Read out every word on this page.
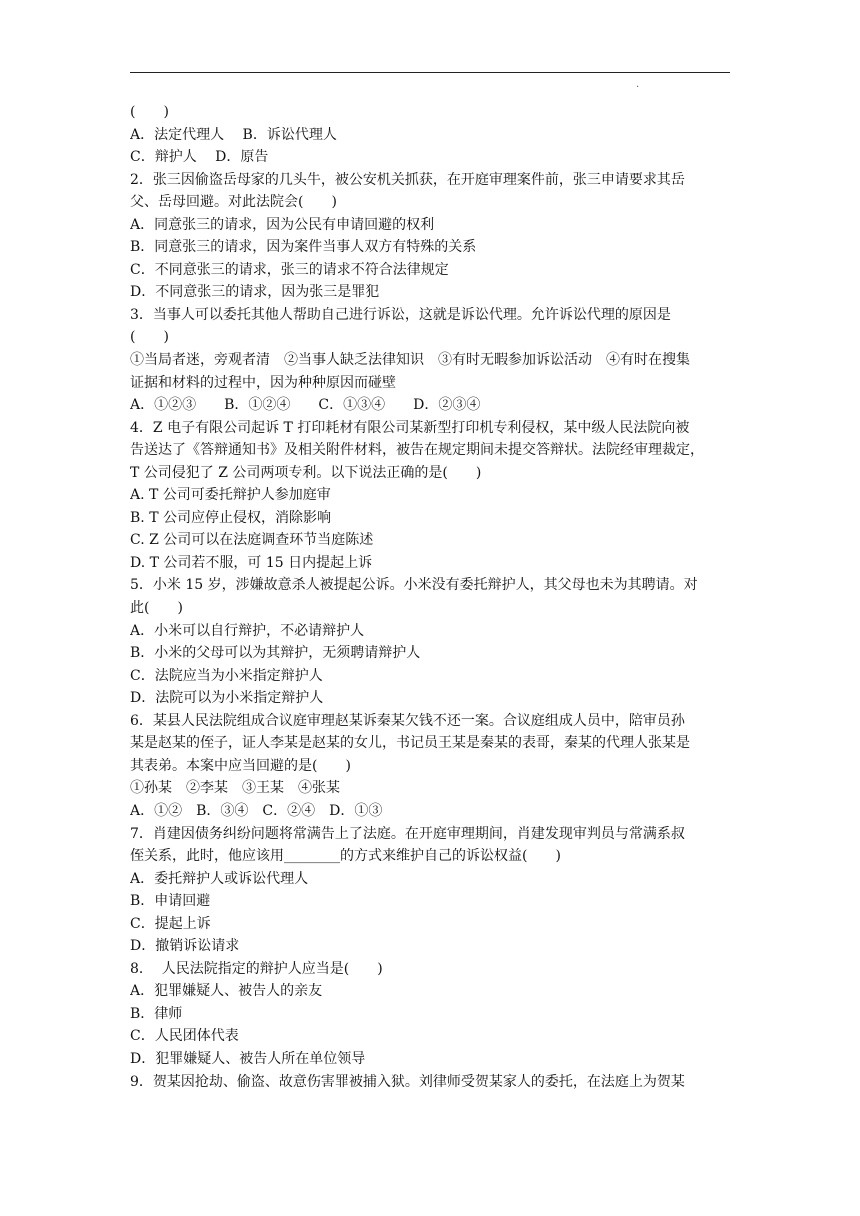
.
(　　)
A．法定代理人　 B．诉讼代理人
C．辩护人　 D．原告
2．张三因偷盗岳母家的几头牛，被公安机关抓获，在开庭审理案件前，张三申请要求其岳
父、岳母回避。对此法院会(　　)
A．同意张三的请求，因为公民有申请回避的权利
B．同意张三的请求，因为案件当事人双方有特殊的关系
C．不同意张三的请求，张三的请求不符合法律规定
D．不同意张三的请求，因为张三是罪犯
3．当事人可以委托其他人帮助自己进行诉讼，这就是诉讼代理。允许诉讼代理的原因是
(　　)
①当局者迷，旁观者清　②当事人缺乏法律知识　③有时无暇参加诉讼活动　④有时在搜集
证据和材料的过程中，因为种种原因而碰壁
A．①②③　　B．①②④　　C．①③④　　D．②③④
4．Z 电子有限公司起诉 T 打印耗材有限公司某新型打印机专利侵权，某中级人民法院向被
告送达了《答辩通知书》及相关附件材料，被告在规定期间未提交答辩状。法院经审理裁定，
T 公司侵犯了 Z 公司两项专利。以下说法正确的是(　　)
A. T 公司可委托辩护人参加庭审
B. T 公司应停止侵权，消除影响
C. Z 公司可以在法庭调查环节当庭陈述
D. T 公司若不服，可 15 日内提起上诉
5．小米 15 岁，涉嫌故意杀人被提起公诉。小米没有委托辩护人，其父母也未为其聘请。对
此(　　)
A．小米可以自行辩护，不必请辩护人
B．小米的父母可以为其辩护，无须聘请辩护人
C．法院应当为小米指定辩护人
D．法院可以为小米指定辩护人
6．某县人民法院组成合议庭审理赵某诉秦某欠钱不还一案。合议庭组成人员中，陪审员孙
某是赵某的侄子，证人李某是赵某的女儿，书记员王某是秦某的表哥，秦某的代理人张某是
其表弟。本案中应当回避的是(　　)
①孙某　②李某　③王某　④张某
A．①②　B．③④　C．②④　D．①③
7．肖建因债务纠纷问题将常满告上了法庭。在开庭审理期间，肖建发现审判员与常满系叔
侄关系，此时，他应该用________的方式来维护自己的诉讼权益(　　)
A．委托辩护人或诉讼代理人
B．申请回避
C．提起上诉
D．撤销诉讼请求
8．  人民法院指定的辩护人应当是(　　)
A．犯罪嫌疑人、被告人的亲友
B．律师
C．人民团体代表
D．犯罪嫌疑人、被告人所在单位领导
9．贺某因抢劫、偷盗、故意伤害罪被捕入狱。刘律师受贺某家人的委托，在法庭上为贺某
